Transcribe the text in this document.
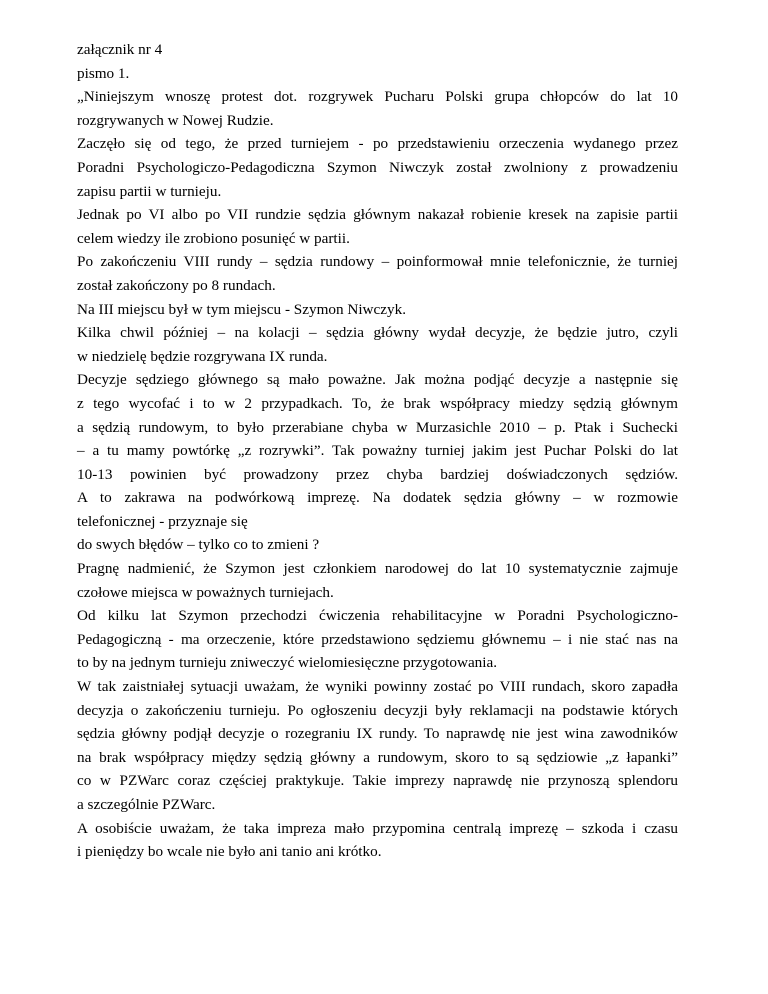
załącznik nr 4
pismo 1.
„Niniejszym wnoszę protest dot. rozgrywek Pucharu Polski grupa chłopców do lat 10
rozgrywanych w Nowej Rudzie.
Zaczęło się od tego, że przed turniejem - po przedstawieniu orzeczenia wydanego przez
Poradni Psychologiczo-Pedagodiczna Szymon Niwczyk został zwolniony z prowadzeniu
zapisu partii w turnieju.
Jednak po VI albo po VII rundzie sędzia głównym nakazał robienie kresek na zapisie partii
celem wiedzy ile zrobiono posunięć w partii.
Po zakończeniu VIII rundy – sędzia rundowy – poinformował mnie telefonicznie, że turniej
został zakończony po 8 rundach.
Na III miejscu był w tym miejscu - Szymon Niwczyk.
Kilka chwil później – na kolacji – sędzia główny wydał decyzje, że będzie jutro, czyli
w niedzielę będzie rozgrywana IX runda.
Decyzje sędziego głównego są mało poważne. Jak można podjąć decyzje a następnie się
z tego wycofać i to w 2 przypadkach. To, że brak współpracy miedzy sędzią głównym
a sędzią rundowym, to było przerabiane chyba w Murzasichle 2010 – p. Ptak i Suchecki
– a tu mamy powtórkę „z rozrywki”. Tak poważny turniej jakim jest Puchar Polski do lat
10-13 powinien być prowadzony przez chyba bardziej doświadczonych sędziów.
A to zakrawa na podwórkową imprezę. Na dodatek sędzia główny – w rozmowie
telefonicznej - przyznaje się
do swych błędów – tylko co to zmieni ?
Pragnę nadmienić, że Szymon jest członkiem narodowej do lat 10 systematycznie zajmuje
czołowe miejsca w poważnych turniejach.
Od kilku lat Szymon przechodzi ćwiczenia rehabilitacyjne w Poradni Psychologiczno-
Pedagogiczną - ma orzeczenie, które przedstawiono sędziemu głównemu – i nie stać nas na
to by na jednym turnieju zniweczyć wielomiesięczne przygotowania.
W tak zaistniałej sytuacji uważam, że wyniki powinny zostać po VIII rundach, skoro zapadła
decyzja o zakończeniu turnieju. Po ogłoszeniu decyzji były reklamacji na podstawie których
sędzia główny podjął decyzje o rozegraniu IX rundy. To naprawdę nie jest wina zawodników
na brak współpracy między sędzią główny a rundowym, skoro to są sędziowie „z łapanki”
co w PZWarc coraz częściej praktykuje. Takie imprezy naprawdę nie przynoszą splendoru
a szczególnie PZWarc.
A osobiście uważam, że taka impreza mało przypomina centralą imprezę – szkoda i czasu
i pieniędzy bo wcale nie było ani tanio ani krótko.
